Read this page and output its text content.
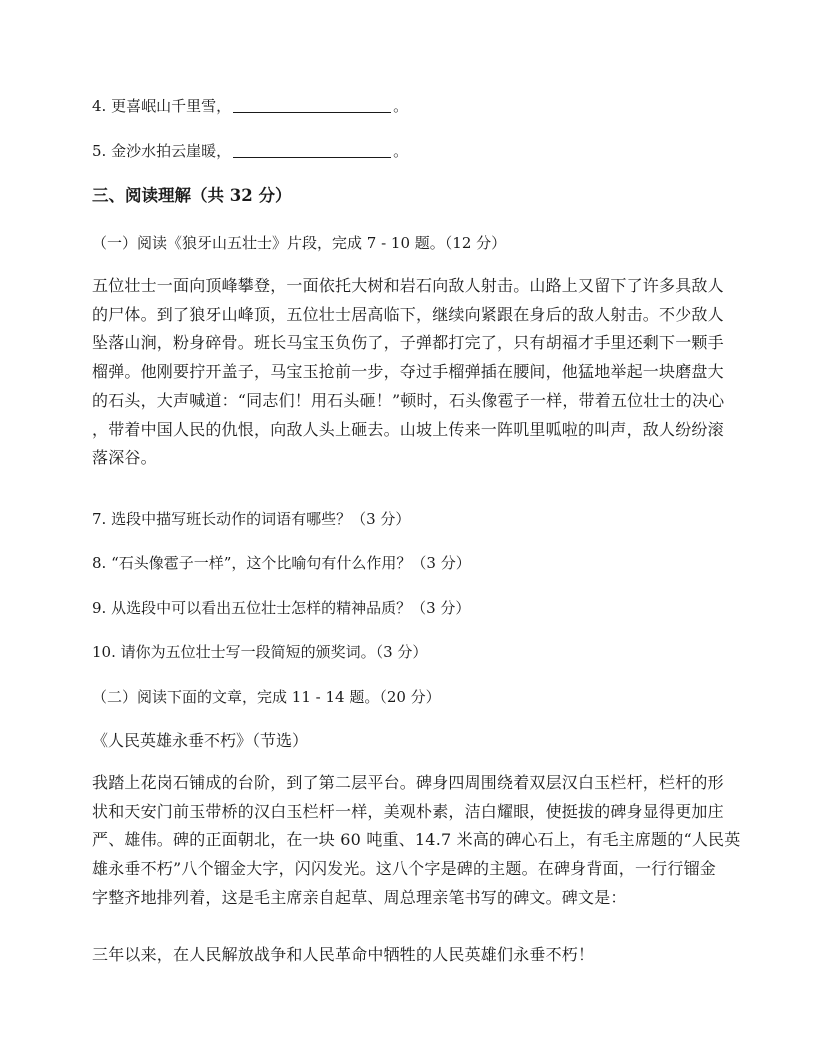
4. 更喜岷山千里雪，	。
5. 金沙水拍云崖暖，	。
三、阅读理解（共 32 分）
（一）阅读《狼牙山五壮士》片段，完成 7 - 10 题。（12 分）
五位壮士一面向顶峰攀登，一面依托大树和岩石向敌人射击。山路上又留下了许多具敌人
的尸体。到了狼牙山峰顶，五位壮士居高临下，继续向紧跟在身后的敌人射击。不少敌人
坠落山涧，粉身碎骨。班长马宝玉负伤了，子弹都打完了，只有胡福才手里还剩下一颗手
榴弹。他刚要拧开盖子，马宝玉抢前一步，夺过手榴弹插在腰间，他猛地举起一块磨盘大
的石头，大声喊道：“同志们！用石头砸！”顿时，石头像雹子一样，带着五位壮士的决心
，带着中国人民的仇恨，向敌人头上砸去。山坡上传来一阵叽里呱啦的叫声，敌人纷纷滚
落深谷。
7. 选段中描写班长动作的词语有哪些？（3 分）
8. “石头像雹子一样”，这个比喻句有什么作用？（3 分）
9. 从选段中可以看出五位壮士怎样的精神品质？（3 分）
10. 请你为五位壮士写一段简短的颁奖词。（3 分）
（二）阅读下面的文章，完成 11 - 14 题。（20 分）
《人民英雄永垂不朽》（节选）
我踏上花岗石铺成的台阶，到了第二层平台。碑身四周围绕着双层汉白玉栏杆，栏杆的形
状和天安门前玉带桥的汉白玉栏杆一样，美观朴素，洁白耀眼，使挺拔的碑身显得更加庄
严、雄伟。碑的正面朝北，在一块 60 吨重、14.7 米高的碑心石上，有毛主席题的“人民英
雄永垂不朽”八个镏金大字，闪闪发光。这八个字是碑的主题。在碑身背面，一行行镏金
字整齐地排列着，这是毛主席亲自起草、周总理亲笔书写的碑文。碑文是：
三年以来，在人民解放战争和人民革命中牺牲的人民英雄们永垂不朽！
